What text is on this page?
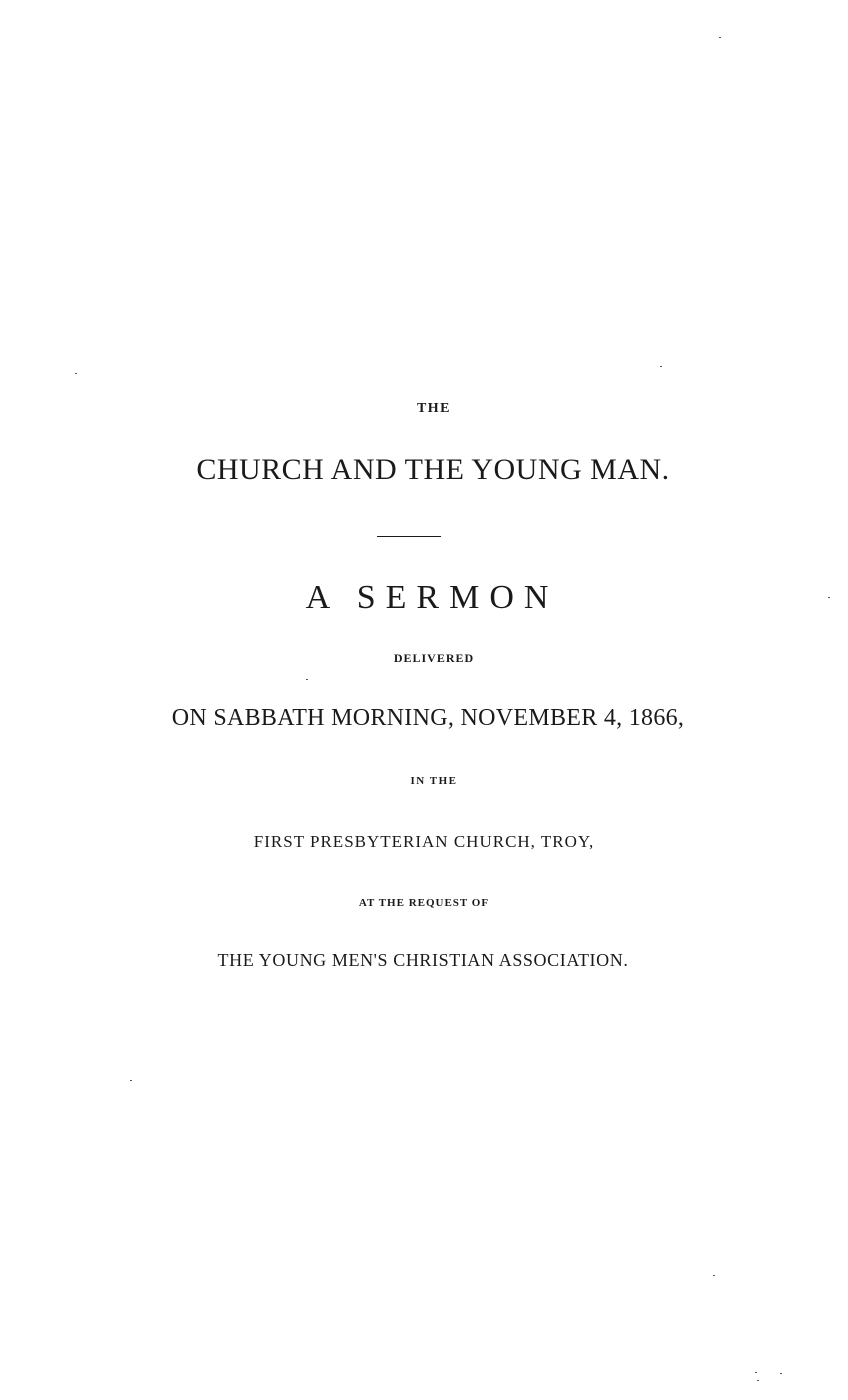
THE
CHURCH AND THE YOUNG MAN.
A SERMON
DELIVERED
ON SABBATH MORNING, NOVEMBER 4, 1866,
IN THE
FIRST PRESBYTERIAN CHURCH, TROY,
AT THE REQUEST OF
THE YOUNG MEN'S CHRISTIAN ASSOCIATION.
